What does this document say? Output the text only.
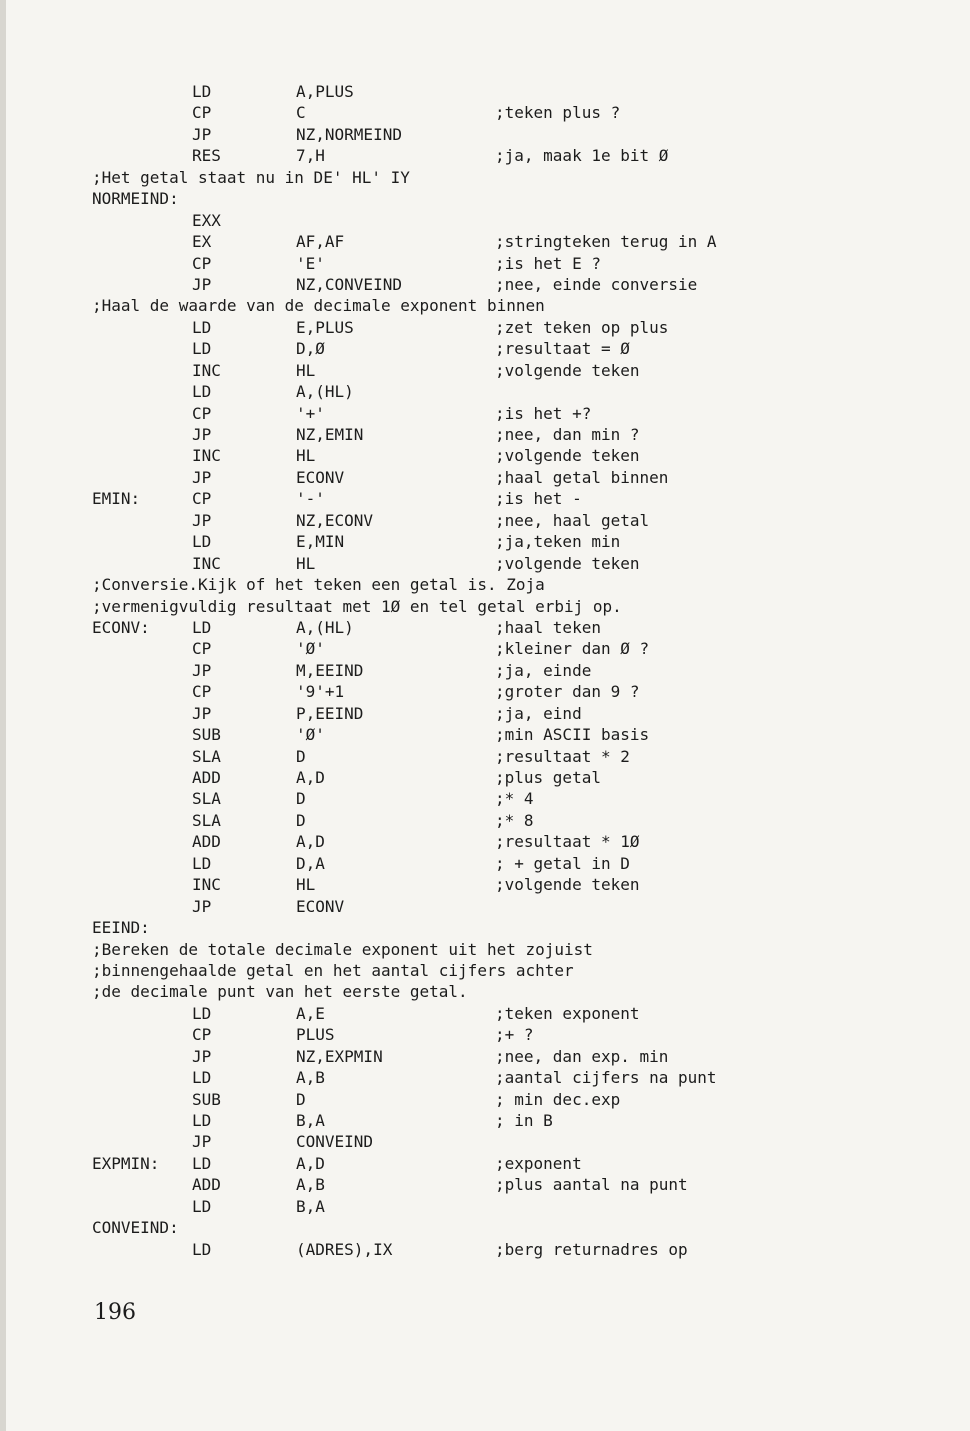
LD	A,PLUS
CP	C	;teken plus ?
JP	NZ,NORMEIND
RES	7,H	;ja, maak 1e bit Ø
;Het getal staat nu in DE' HL' IY
NORMEIND:
EXX
EX	AF,AF	;stringteken terug in A
CP	'E'	;is het E ?
JP	NZ,CONVEIND	;nee, einde conversie
;Haal de waarde van de decimale exponent binnen
LD	E,PLUS	;zet teken op plus
LD	D,Ø	;resultaat = Ø
INC	HL	;volgende teken
LD	A,(HL)
CP	'+'	;is het +?
JP	NZ,EMIN	;nee, dan min ?
INC	HL	;volgende teken
JP	ECONV	;haal getal binnen
EMIN:	CP	'-'	;is het -
JP	NZ,ECONV	;nee, haal getal
LD	E,MIN	;ja,teken min
INC	HL	;volgende teken
;Conversie.Kijk of het teken een getal is. Zoja
;vermenigvuldig resultaat met 1Ø en tel getal erbij op.
ECONV:	LD	A,(HL)	;haal teken
CP	'Ø'	;kleiner dan Ø ?
JP	M,EEIND	;ja, einde
CP	'9'+1	;groter dan 9 ?
JP	P,EEIND	;ja, eind
SUB	'Ø'	;min ASCII basis
SLA	D	;resultaat * 2
ADD	A,D	;plus getal
SLA	D	;* 4
SLA	D	;* 8
ADD	A,D	;resultaat * 1Ø
LD	D,A	; + getal in D
INC	HL	;volgende teken
JP	ECONV
EEIND:
;Bereken de totale decimale exponent uit het zojuist
;binnengehaalde getal en het aantal cijfers achter
;de decimale punt van het eerste getal.
LD	A,E	;teken exponent
CP	PLUS	;+ ?
JP	NZ,EXPMIN	;nee, dan exp. min
LD	A,B	;aantal cijfers na punt
SUB	D	; min dec.exp
LD	B,A	; in B
JP	CONVEIND
EXPMIN: LD	A,D	;exponent
ADD	A,B	;plus aantal na punt
LD	B,A
CONVEIND:
LD	(ADRES),IX	;berg returnadres op
196
